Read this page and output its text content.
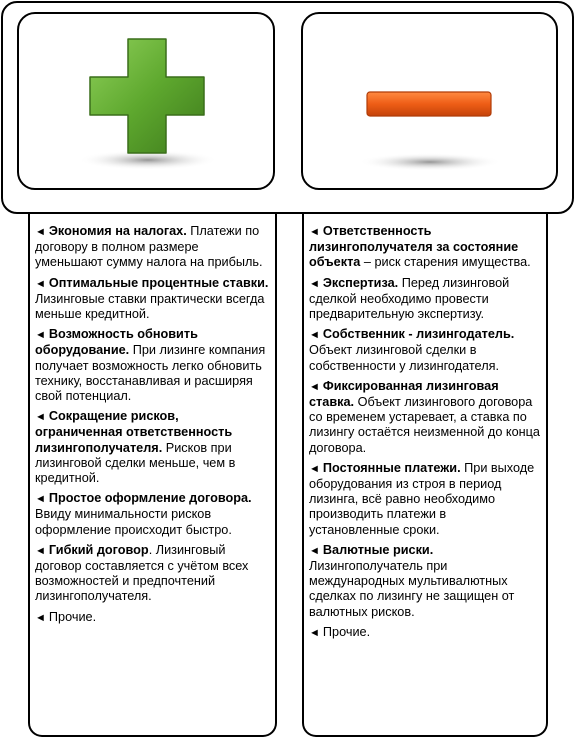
◄ Экономия на налогах. Платежи по договору в полном размере уменьшают сумму налога на прибыль.
◄ Оптимальные процентные ставки. Лизинговые ставки практически всегда меньше кредитной.
◄ Возможность обновить оборудование. При лизинге компания получает возможность легко обновить технику, восстанавливая и расширяя свой потенциал.
◄ Сокращение рисков, ограниченная ответственность лизингополучателя. Рисков при лизинговой сделки меньше, чем в кредитной.
◄ Простое оформление договора. Ввиду минимальности рисков оформление происходит быстро.
◄ Гибкий договор. Лизинговый договор составляется с учётом всех возможностей и предпочтений лизингополучателя.
◄ Прочие.
◄ Ответственность лизингополучателя за состояние объекта – риск старения имущества.
◄ Экспертиза. Перед лизинговой сделкой необходимо провести предварительную экспертизу.
◄ Собственник - лизингодатель. Объект лизинговой сделки в собственности у лизингодателя.
◄ Фиксированная лизинговая ставка. Объект лизингового договора со временем устаревает, а ставка по лизингу остаётся неизменной до конца договора.
◄ Постоянные платежи. При выходе оборудования из строя в период лизинга, всё равно необходимо производить платежи в установленные сроки.
◄ Валютные риски. Лизингополучатель при международных мультивалютных сделках по лизингу не защищен от валютных рисков.
◄ Прочие.
